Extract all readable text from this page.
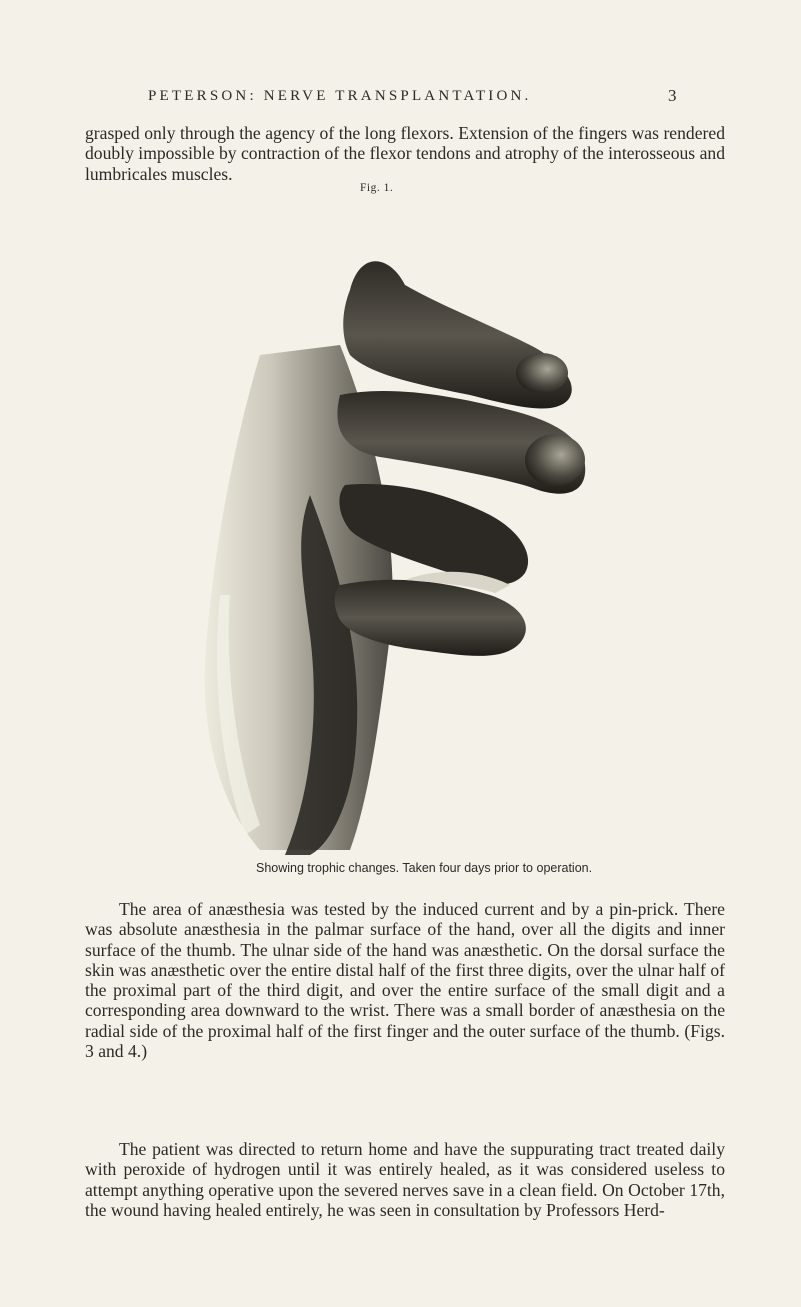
PETERSON: NERVE TRANSPLANTATION.	3

grasped only through the agency of the long flexors. Extension of the fingers was rendered doubly impossible by contraction of the flexor tendons and atrophy of the interosseous and lumbricales muscles.

Fig. 1.
Showing trophic changes. Taken four days prior to operation.

The area of anæsthesia was tested by the induced current and by a pin-prick. There was absolute anæsthesia in the palmar surface of the hand, over all the digits and inner surface of the thumb. The ulnar side of the hand was anæsthetic. On the dorsal surface the skin was anæsthetic over the entire distal half of the first three digits, over the ulnar half of the proximal part of the third digit, and over the entire surface of the small digit and a corresponding area downward to the wrist. There was a small border of anæsthesia on the radial side of the proximal half of the first finger and the outer surface of the thumb. (Figs. 3 and 4.)

The patient was directed to return home and have the suppurating tract treated daily with peroxide of hydrogen until it was entirely healed, as it was considered useless to attempt anything operative upon the severed nerves save in a clean field. On October 17th, the wound having healed entirely, he was seen in consultation by Professors Herd-
